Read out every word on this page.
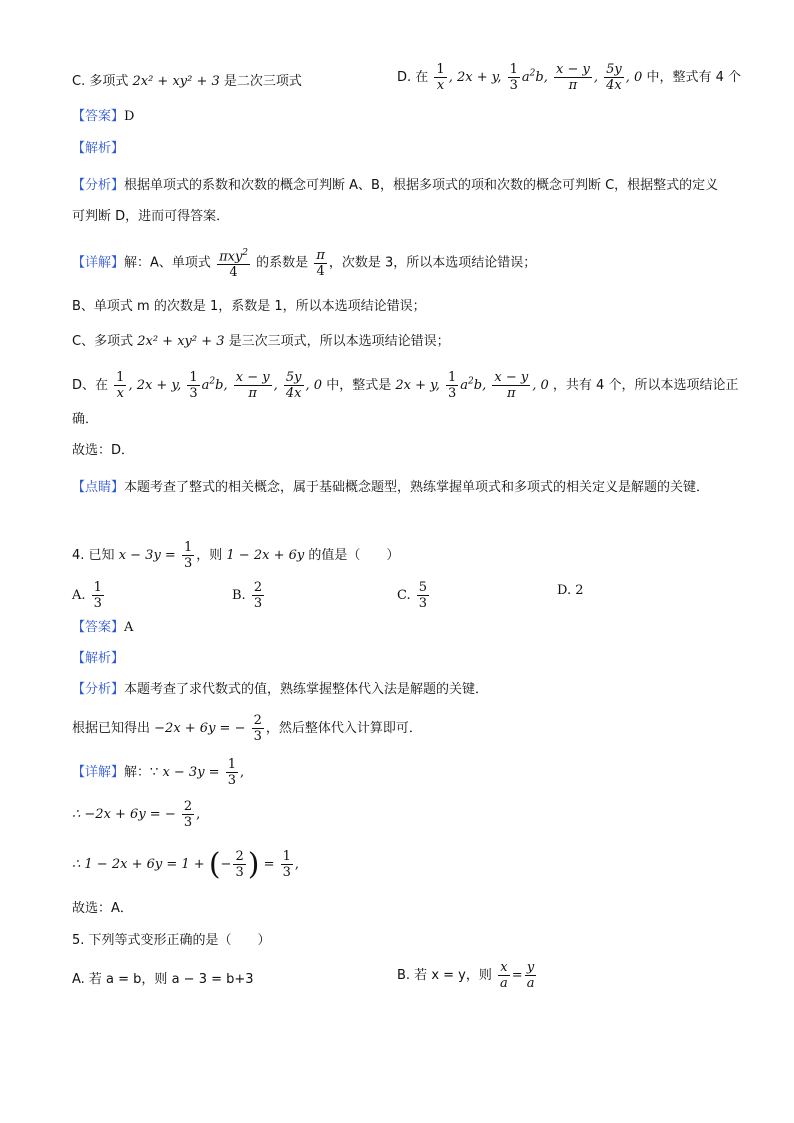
C. 多项式 2x² + xy² + 3 是二次三项式	D. 在 $\frac{1}{x}$ , 2x + y, $\frac{1}{3} a^2b$, $\frac{x - y}{\pi}$ , $\frac{5y}{4x}$ , 0 中，整式有 4 个
【答案】D
【解析】
【分析】根据单项式的系数和次数的概念可判断 A、B，根据多项式的项和次数的概念可判断 C，根据整式的定义可判断 D，进而可得答案．
【详解】解：A、单项式 $\frac{\pi xy^2}{4}$ 的系数是 $\frac{\pi}{4}$ ，次数是 3，所以本选项结论错误；
B、单项式 m 的次数是 1，系数是 1，所以本选项结论错误；
C、多项式 2x² + xy² + 3 是三次三项式，所以本选项结论错误；
D、在 $\frac{1}{x}$ , 2x + y, $\frac{1}{3} a^2b$, $\frac{x - y}{\pi}$ , $\frac{5y}{4x}$ , 0 中，整式是 2x + y, $\frac{1}{3} a^2b$, $\frac{x - y}{\pi}$ , 0 ，共有 4 个，所以本选项结论正
确．
故选：D．
【点睛】本题考查了整式的相关概念，属于基础概念题型，熟练掌握单项式和多项式的相关定义是解题的关键．
4. 已知 $x - 3y = \frac{1}{3}$ ，则 1 − 2x + 6y 的值是（　　）
A. $\frac{1}{3}$	B. $\frac{2}{3}$	C. $\frac{5}{3}$	D. 2
【答案】A
【解析】
【分析】本题考查了求代数式的值，熟练掌握整体代入法是解题的关键．
根据已知得出 −2x + 6y = − $\frac{2}{3}$ ，然后整体代入计算即可．
【详解】解：∵ $x - 3y = \frac{1}{3}$ ,
∴ −2x + 6y = − $\frac{2}{3}$ ,
∴ 1 − 2x + 6y = 1 + (− $\frac{2}{3}$ ) = $\frac{1}{3}$ ,
故选：A．
5. 下列等式变形正确的是（　　）
A. 若 a = b，则 a − 3 = b+3	B. 若 x = y，则 $\frac{x}{a} = \frac{y}{a}$
